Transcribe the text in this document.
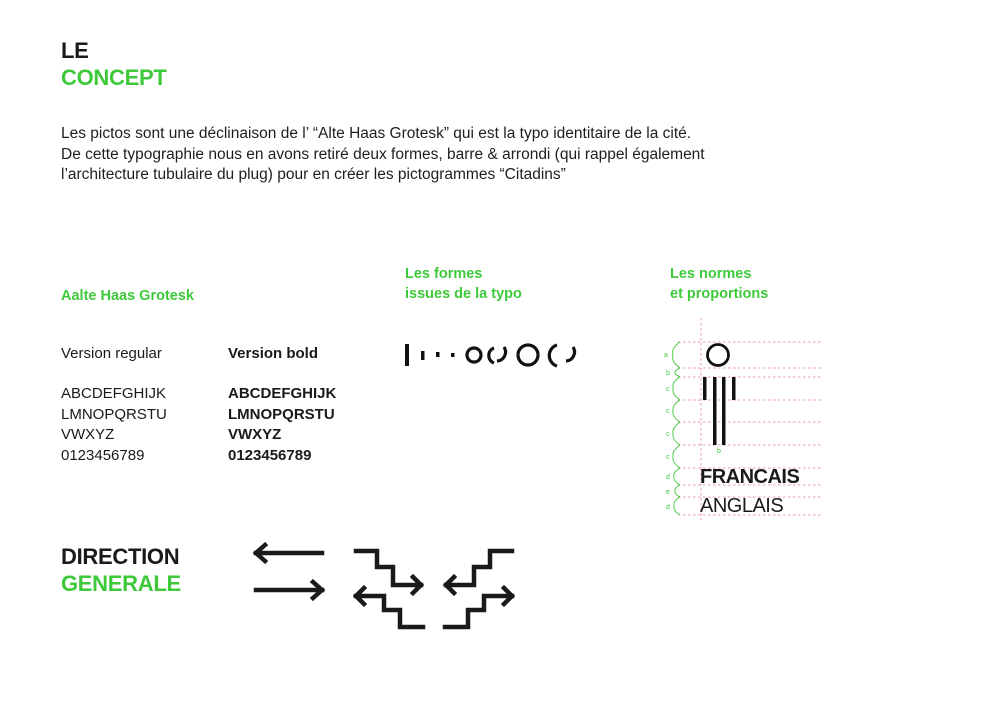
LE
CONCEPT
Les pictos sont une déclinaison de l’ “Alte Haas Grotesk” qui est la typo identitaire de la cité.
De cette typographie nous en avons retiré deux formes, barre & arrondi (qui rappel également
l’architecture tubulaire du plug) pour en créer les pictogrammes “Citadins”
Aalte Haas Grotesk
Version regular	Version bold
ABCDEFGHIJK
LMNOPQRSTU
VWXYZ
0123456789
ABCDEFGHIJK
LMNOPQRSTU
VWXYZ
0123456789
Les formes
issues de la typo
Les normes
et proportions
a
b
c
c
c
c
d
e
d
b
FRANCAIS
ANGLAIS
DIRECTION
GENERALE
